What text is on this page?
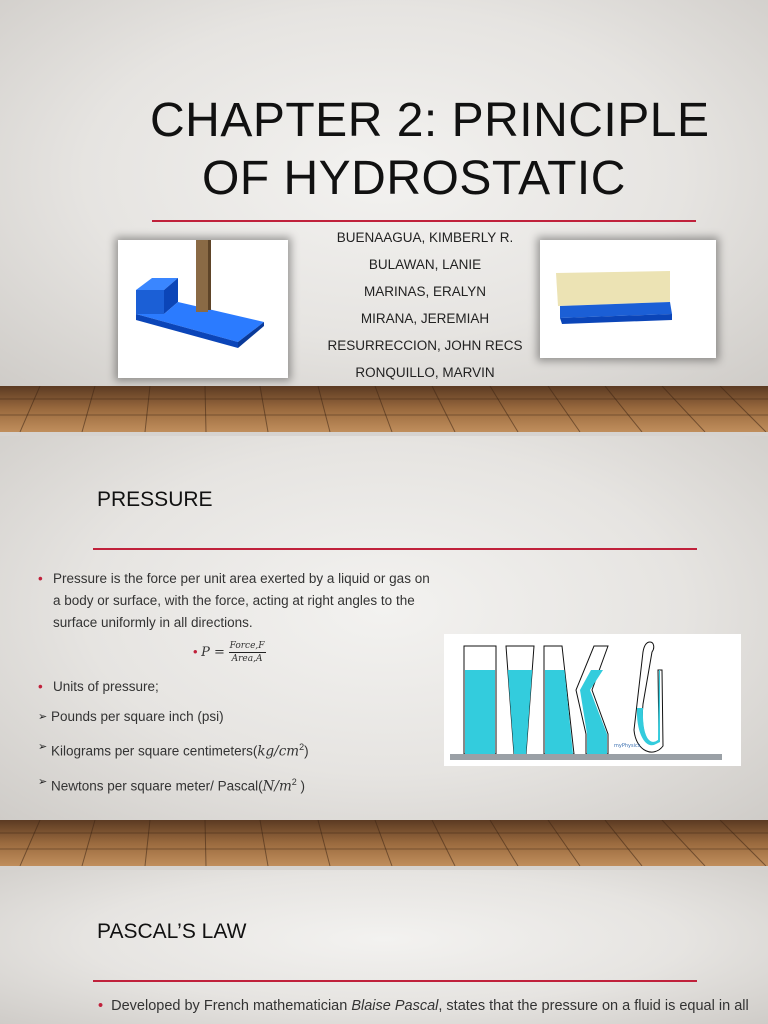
CHAPTER 2: PRINCIPLE
OF HYDROSTATIC
BUENAAGUA, KIMBERLY R.
BULAWAN, LANIE
MARINAS, ERALYN
MIRANA, JEREMIAH
RESURRECCION, JOHN RECS
RONQUILLO, MARVIN
PRESSURE
• Pressure is the force per unit area exerted by a liquid or gas on a body or surface, with the force, acting at right angles to the surface uniformly in all directions.
• $P = \frac{\text{Force,F}}{\text{Area,A}}$
• Units of pressure;
➢ Pounds per square inch (psi)
➢ Kilograms per square $centimeters(kg/cm^2)$
➢ Newtons per square meter/ $Pascal(N/m^2$ )
myPhysics
PASCAL’S LAW
• Developed by French mathematician Blaise Pascal, states that the pressure on a fluid is equal in all
